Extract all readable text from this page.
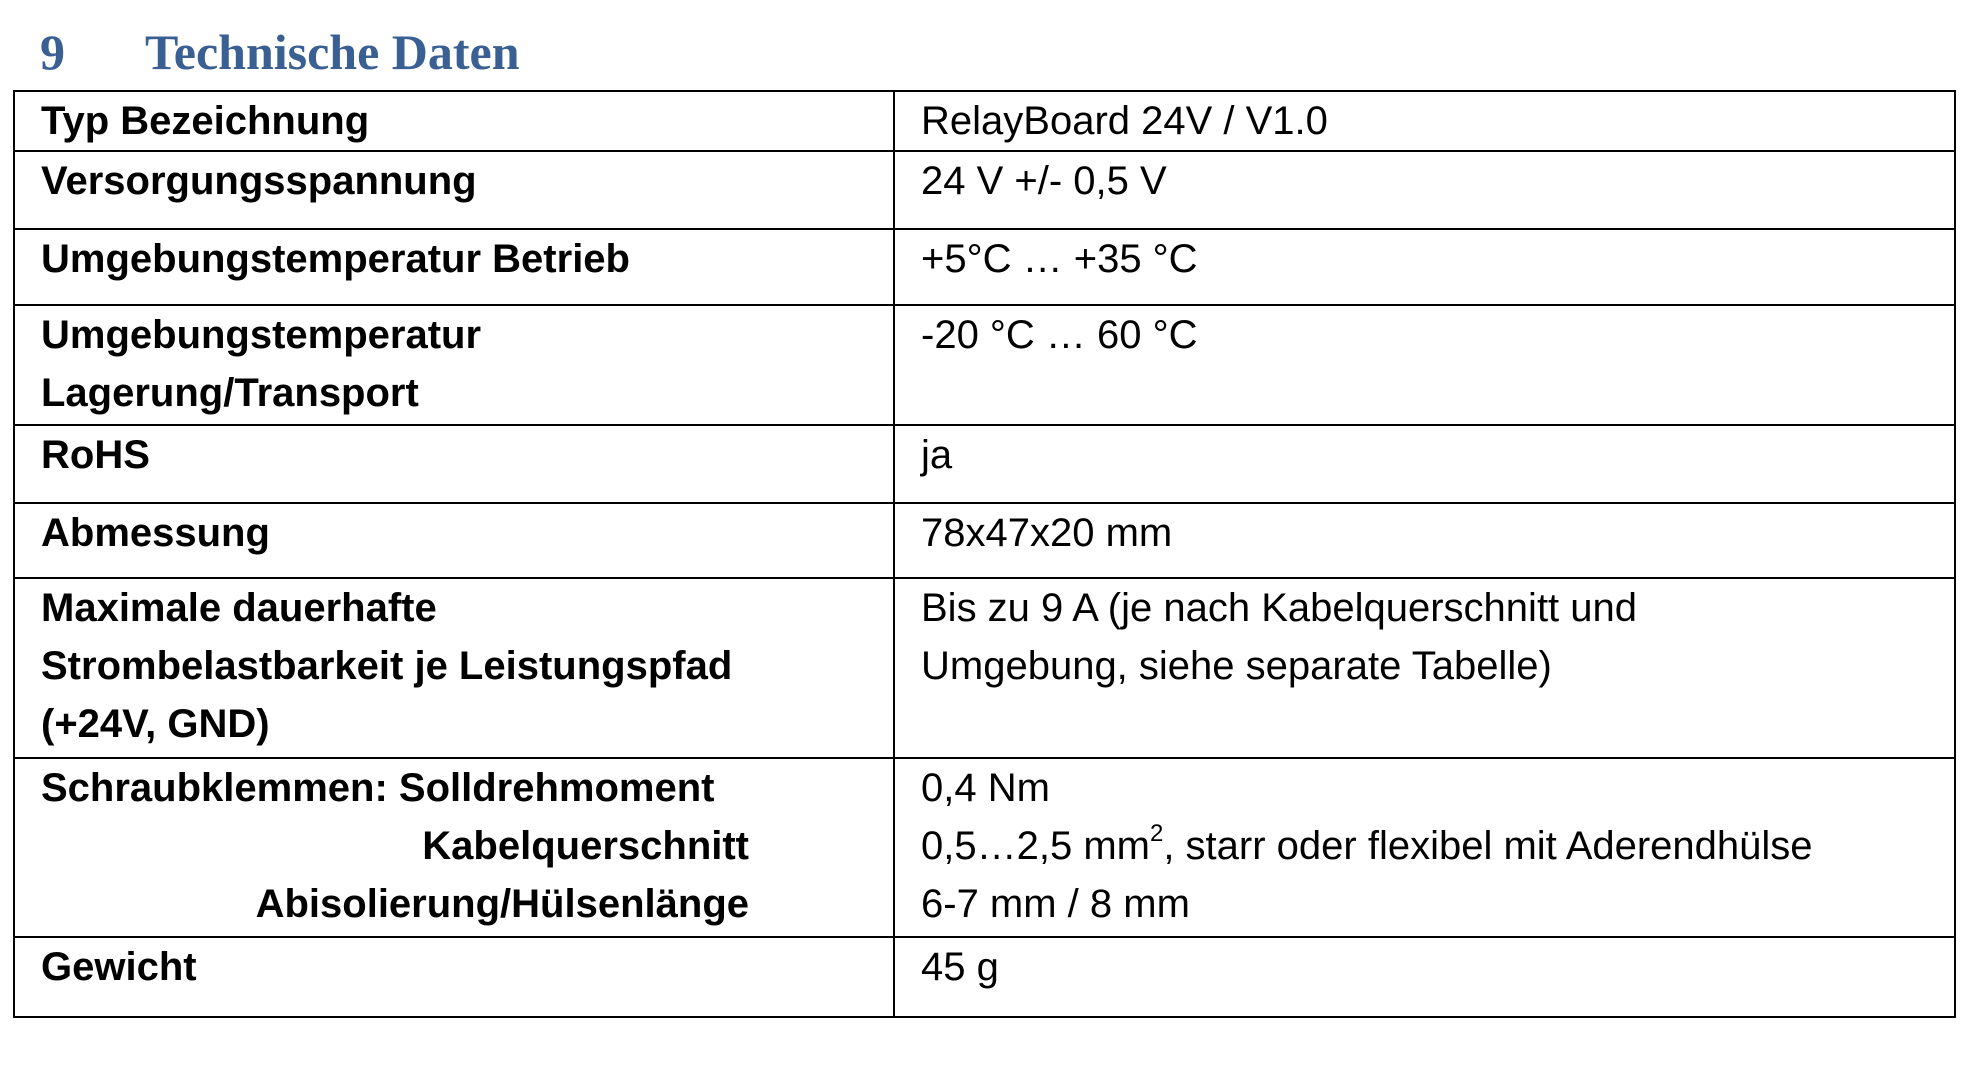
9	Technische Daten
Typ Bezeichnung	RelayBoard 24V / V1.0

Versorgungsspannung	24 V +/- 0,5 V

Umgebungstemperatur Betrieb	+5°C … +35 °C

Umgebungstemperatur
Lagerung/Transport	-20 °C … 60 °C

RoHS	ja

Abmessung	78x47x20 mm

Maximale dauerhafte
Strombelastbarkeit je Leistungspfad
(+24V, GND)	Bis zu 9 A (je nach Kabelquerschnitt und
Umgebung, siehe separate Tabelle)

Schraubklemmen: Solldrehmoment
Kabelquerschnitt
Abisolierung/Hülsenlänge	0,4 Nm
0,5…2,5 $mm^2$, starr oder flexibel mit Aderendhülse
6-7 mm / 8 mm

Gewicht	45 g
